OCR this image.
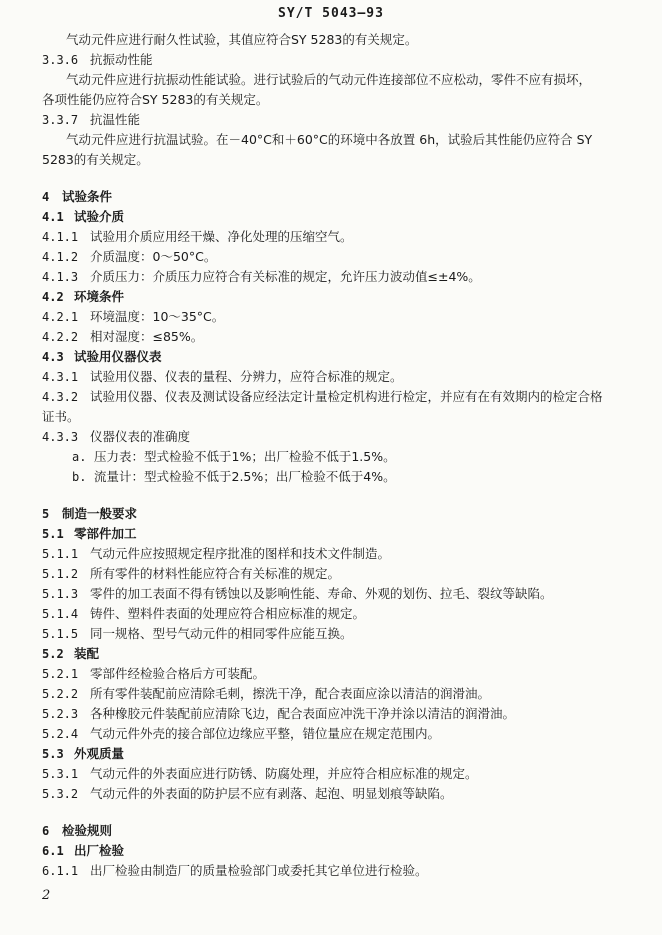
SY/T 5043—93
气动元件应进行耐久性试验，其值应符合SY 5283的有关规定。
3.3.6 抗振动性能
气动元件应进行抗振动性能试验。进行试验后的气动元件连接部位不应松动，零件不应有损坏，
各项性能仍应符合SY 5283的有关规定。
3.3.7 抗温性能
气动元件应进行抗温试验。在－40°C和＋60°C的环境中各放置 6h，试验后其性能仍应符合 SY
5283的有关规定。
4 试验条件
4.1 试验介质
4.1.1 试验用介质应用经干燥、净化处理的压缩空气。
4.1.2 介质温度：0～50°C。
4.1.3 介质压力：介质压力应符合有关标准的规定，允许压力波动值≤±4%。
4.2 环境条件
4.2.1 环境温度：10～35°C。
4.2.2 相对湿度：≤85%。
4.3 试验用仪器仪表
4.3.1 试验用仪器、仪表的量程、分辨力，应符合标准的规定。
4.3.2 试验用仪器、仪表及测试设备应经法定计量检定机构进行检定，并应有在有效期内的检定合格
证书。
4.3.3 仪器仪表的准确度
a. 压力表：型式检验不低于1%；出厂检验不低于1.5%。
b. 流量计：型式检验不低于2.5%；出厂检验不低于4%。
5 制造一般要求
5.1 零部件加工
5.1.1 气动元件应按照规定程序批准的图样和技术文件制造。
5.1.2 所有零件的材料性能应符合有关标准的规定。
5.1.3 零件的加工表面不得有锈蚀以及影响性能、寿命、外观的划伤、拉毛、裂纹等缺陷。
5.1.4 铸件、塑料件表面的处理应符合相应标准的规定。
5.1.5 同一规格、型号气动元件的相同零件应能互换。
5.2 装配
5.2.1 零部件经检验合格后方可装配。
5.2.2 所有零件装配前应清除毛刺，擦洗干净，配合表面应涂以清洁的润滑油。
5.2.3 各种橡胶元件装配前应清除飞边，配合表面应冲洗干净并涂以清洁的润滑油。
5.2.4 气动元件外壳的接合部位边缘应平整，错位量应在规定范围内。
5.3 外观质量
5.3.1 气动元件的外表面应进行防锈、防腐处理，并应符合相应标准的规定。
5.3.2 气动元件的外表面的防护层不应有剥落、起泡、明显划痕等缺陷。
6 检验规则
6.1 出厂检验
6.1.1 出厂检验由制造厂的质量检验部门或委托其它单位进行检验。
2
